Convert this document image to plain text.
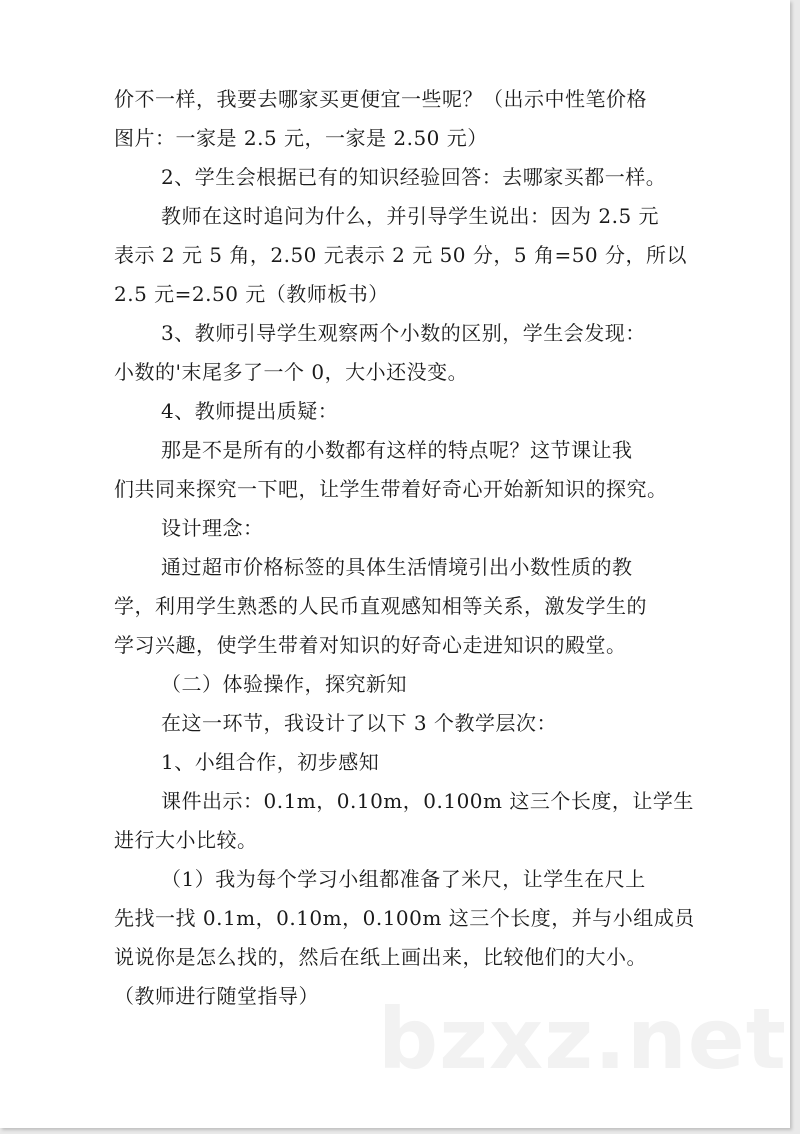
价不一样，我要去哪家买更便宜一些呢？（出示中性笔价格
图片：一家是 2.5 元，一家是 2.50 元）
2、学生会根据已有的知识经验回答：去哪家买都一样。
教师在这时追问为什么，并引导学生说出：因为 2.5 元
表示 2 元 5 角，2.50 元表示 2 元 50 分，5 角=50 分，所以
2.5 元=2.50 元（教师板书）
3、教师引导学生观察两个小数的区别，学生会发现：
小数的'末尾多了一个 0，大小还没变。
4、教师提出质疑：
那是不是所有的小数都有这样的特点呢？这节课让我
们共同来探究一下吧，让学生带着好奇心开始新知识的探究。
设计理念：
通过超市价格标签的具体生活情境引出小数性质的教
学，利用学生熟悉的人民币直观感知相等关系，激发学生的
学习兴趣，使学生带着对知识的好奇心走进知识的殿堂。
（二）体验操作，探究新知
在这一环节，我设计了以下 3 个教学层次：
1、小组合作，初步感知
课件出示：0.1m，0.10m，0.100m 这三个长度，让学生
进行大小比较。
（1）我为每个学习小组都准备了米尺，让学生在尺上
先找一找 0.1m，0.10m，0.100m 这三个长度，并与小组成员
说说你是怎么找的，然后在纸上画出来，比较他们的大小。
（教师进行随堂指导） bzxz.net
